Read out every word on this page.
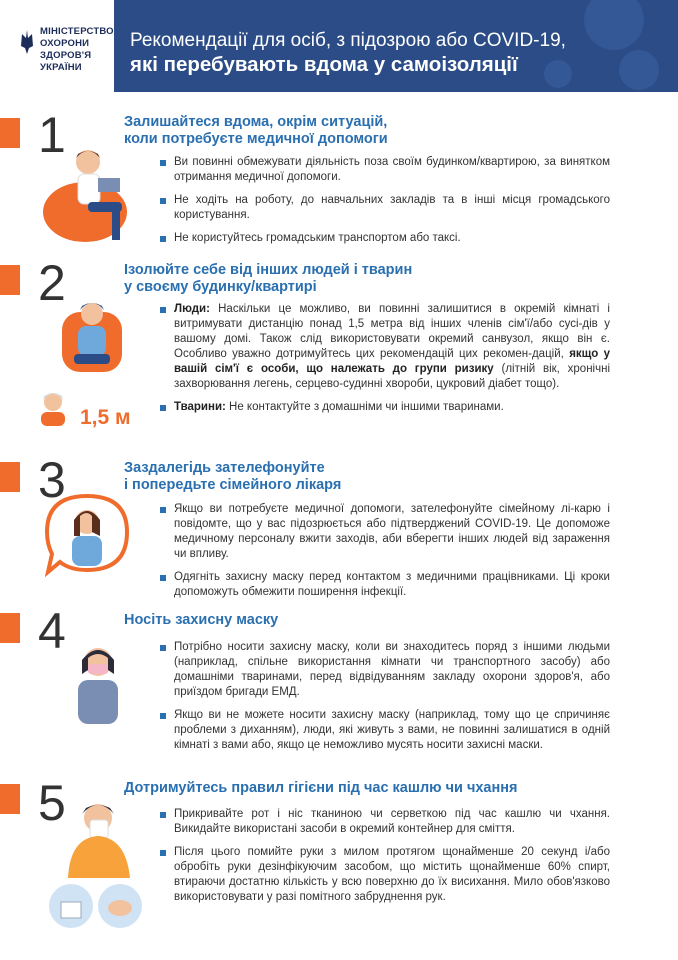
МІНІСТЕРСТВО
ОХОРОНИ
ЗДОРОВ'Я
УКРАЇНИ
Рекомендації для осіб, з підозрою або COVID-19,
які перебувають вдома у самоізоляції
1	Залишайтеся вдома, окрім ситуацій,
коли потребуєте медичної допомоги
Ви повинні обмежувати діяльність поза своїм будинком/квартирою, за винятком отримання медичної допомоги.
Не ходіть на роботу, до навчальних закладів та в інші місця громадського користування.
Не користуйтесь громадським транспортом або таксі.
2	Ізолюйте себе від інших людей і тварин
у своєму будинку/квартирі
1,5 м
Люди: Наскільки це можливо, ви повинні залишитися в окремій кімнаті і витримувати дистанцію понад 1,5 метра від інших членів сім'ї/або сусі-дів у вашому домі. Також слід використовувати окремий санвузол, якщо він є. Особливо уважно дотримуйтесь цих рекомендацій цих рекомен-дацій, якщо у вашій сім'ї є особи, що належать до групи ризику (літній вік, хронічні захворювання легень, серцево-судинні хвороби, цукровий діабет тощо).
Тварини: Не контактуйте з домашніми чи іншими тваринами.
3	Заздалегідь зателефонуйте
і попередьте сімейного лікаря
Якщо ви потребуєте медичної допомоги, зателефонуйте сімейному лі-карю і повідомте, що у вас підозрюється або підтверджений COVID-19. Це допоможе медичному персоналу вжити заходів, аби вберегти інших людей від зараження чи впливу.
Одягніть захисну маску перед контактом з медичними працівниками. Ці кроки допоможуть обмежити поширення інфекції.
4	Носіть захисну маску
Потрібно носити захисну маску, коли ви знаходитесь поряд з іншими людьми (наприклад, спільне використання кімнати чи транспортного засобу) або домашніми тваринами, перед відвідуванням закладу охорони здоров'я, або приїздом бригади ЕМД.
Якщо ви не можете носити захисну маску (наприклад, тому що це спричиняє проблеми з диханням), люди, які живуть з вами, не повинні залишатися в одній кімнаті з вами або, якщо це неможливо мусять носити захисні маски.
5	Дотримуйтесь правил гігієни під час кашлю чи чхання
Прикривайте рот і ніс тканиною чи серветкою під час кашлю чи чхання. Викидайте використані засоби в окремий контейнер для сміття.
Після цього помийте руки з милом протягом щонайменше 20 секунд і/або обробіть руки дезінфікуючим засобом, що містить щонайменше 60% спирт, втираючи достатню кількість у всю поверхню до їх висихання. Мило обов'язково використовувати у разі помітного забруднення рук.
